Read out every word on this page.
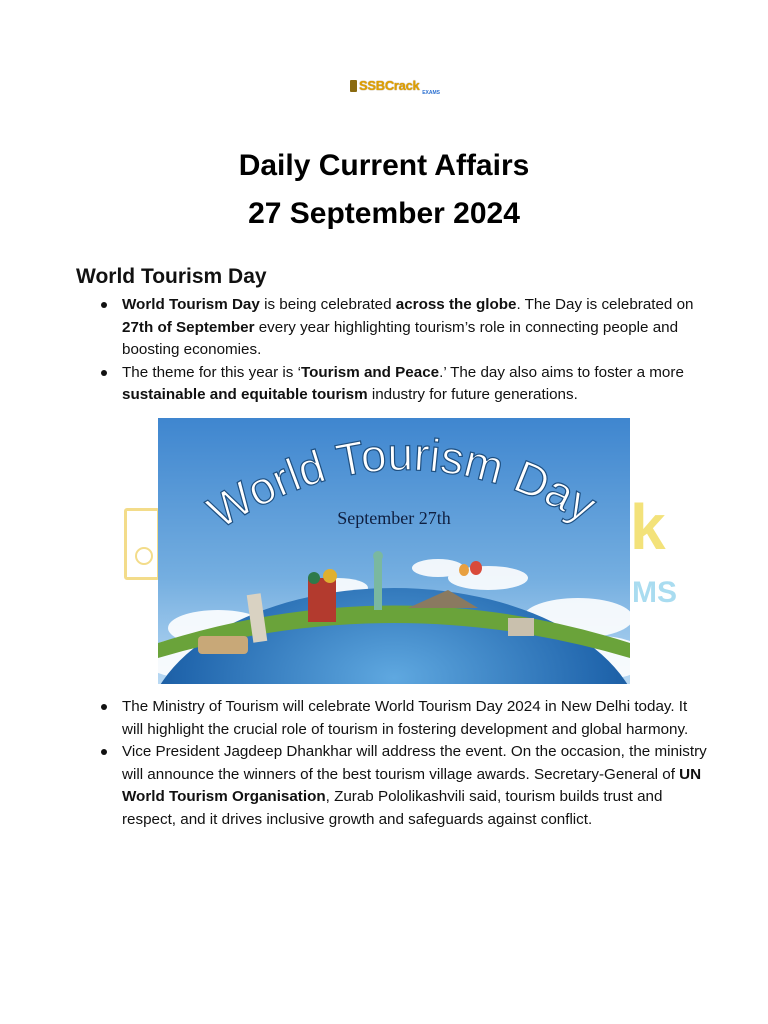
SSBCrack EXAMS
Daily Current Affairs
27 September 2024
World Tourism Day
World Tourism Day is being celebrated across the globe. The Day is celebrated on 27th of September every year highlighting tourism’s role in connecting people and boosting economies.
The theme for this year is ‘Tourism and Peace.’ The day also aims to foster a more sustainable and equitable tourism industry for future generations.
k
MS
World Tourism Day
September 27th
The Ministry of Tourism will celebrate World Tourism Day 2024 in New Delhi today. It will highlight the crucial role of tourism in fostering development and global harmony.
Vice President Jagdeep Dhankhar will address the event. On the occasion, the ministry will announce the winners of the best tourism village awards. Secretary-General of UN World Tourism Organisation, Zurab Pololikashvili said, tourism builds trust and respect, and it drives inclusive growth and safeguards against conflict.
